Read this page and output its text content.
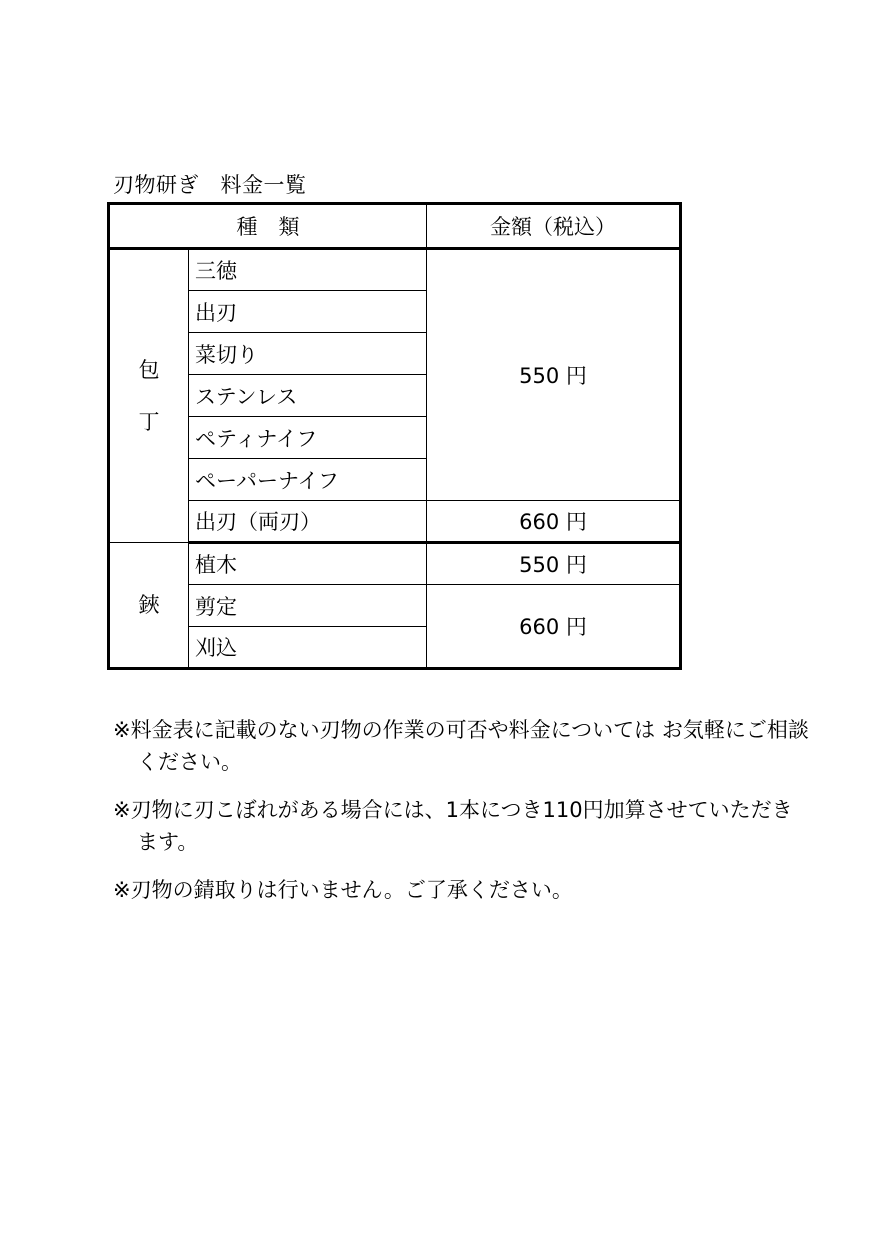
刃物研ぎ　料金一覧
種　類		金額（税込）
包丁	三徳	550 円
	出刃	
	菜切り	
	ステンレス	
	ペティナイフ	
	ペーパーナイフ	
	出刃（両刃）	660 円
鋏	植木	550 円
	剪定	660 円
	刈込	
※料金表に記載のない刃物の作業の可否や料金については お気軽にご相談ください。
※刃物に刃こぼれがある場合には、1本につき110円加算させていただきます。
※刃物の錆取りは行いません。ご了承ください。
